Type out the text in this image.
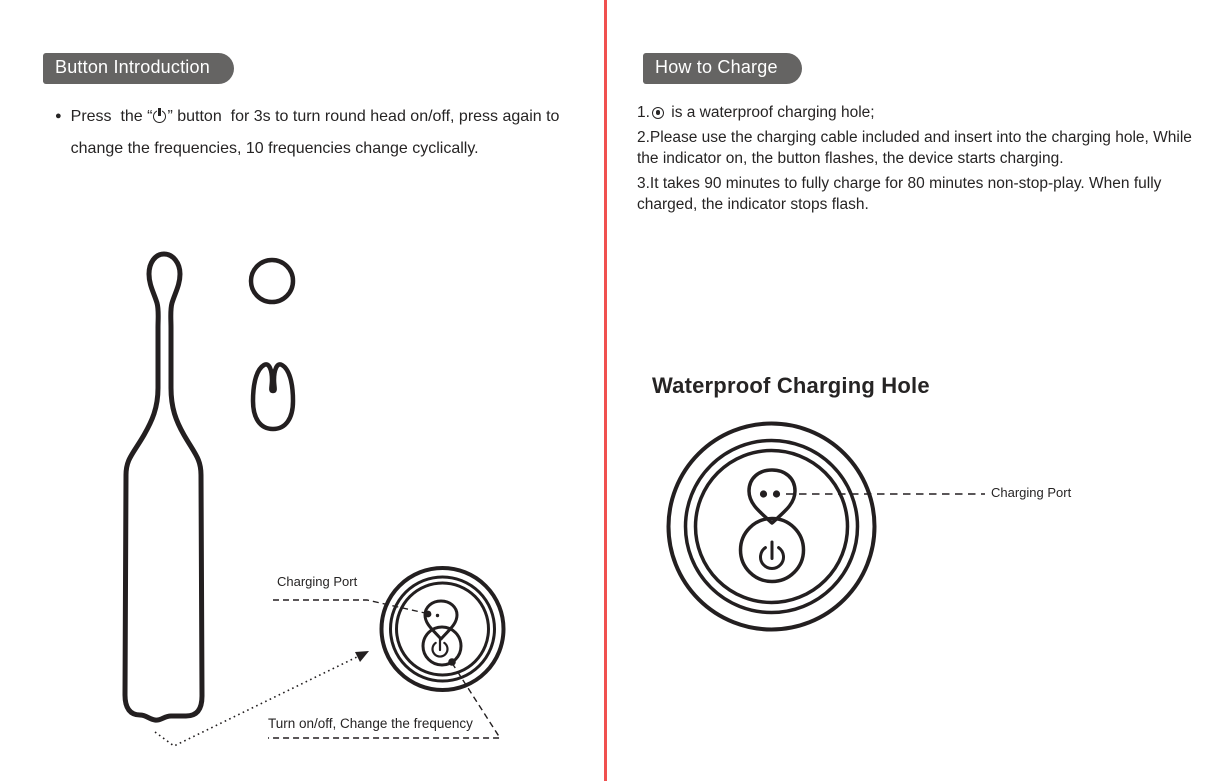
Button Introduction
● Press  the “ ” button  for 3s to turn round head on/off, press again to change the frequencies, 10 frequencies change cyclically.
Charging Port
Turn on/off, Change the frequency
How to Charge
1. is a waterproof charging hole;
2.Please use the charging cable included and insert into the charging hole, While the indicator on, the button flashes, the device starts charging.
3.It takes 90 minutes to fully charge for 80 minutes non-stop-play. When fully charged, the indicator stops flash.
Waterproof Charging Hole
Charging Port
